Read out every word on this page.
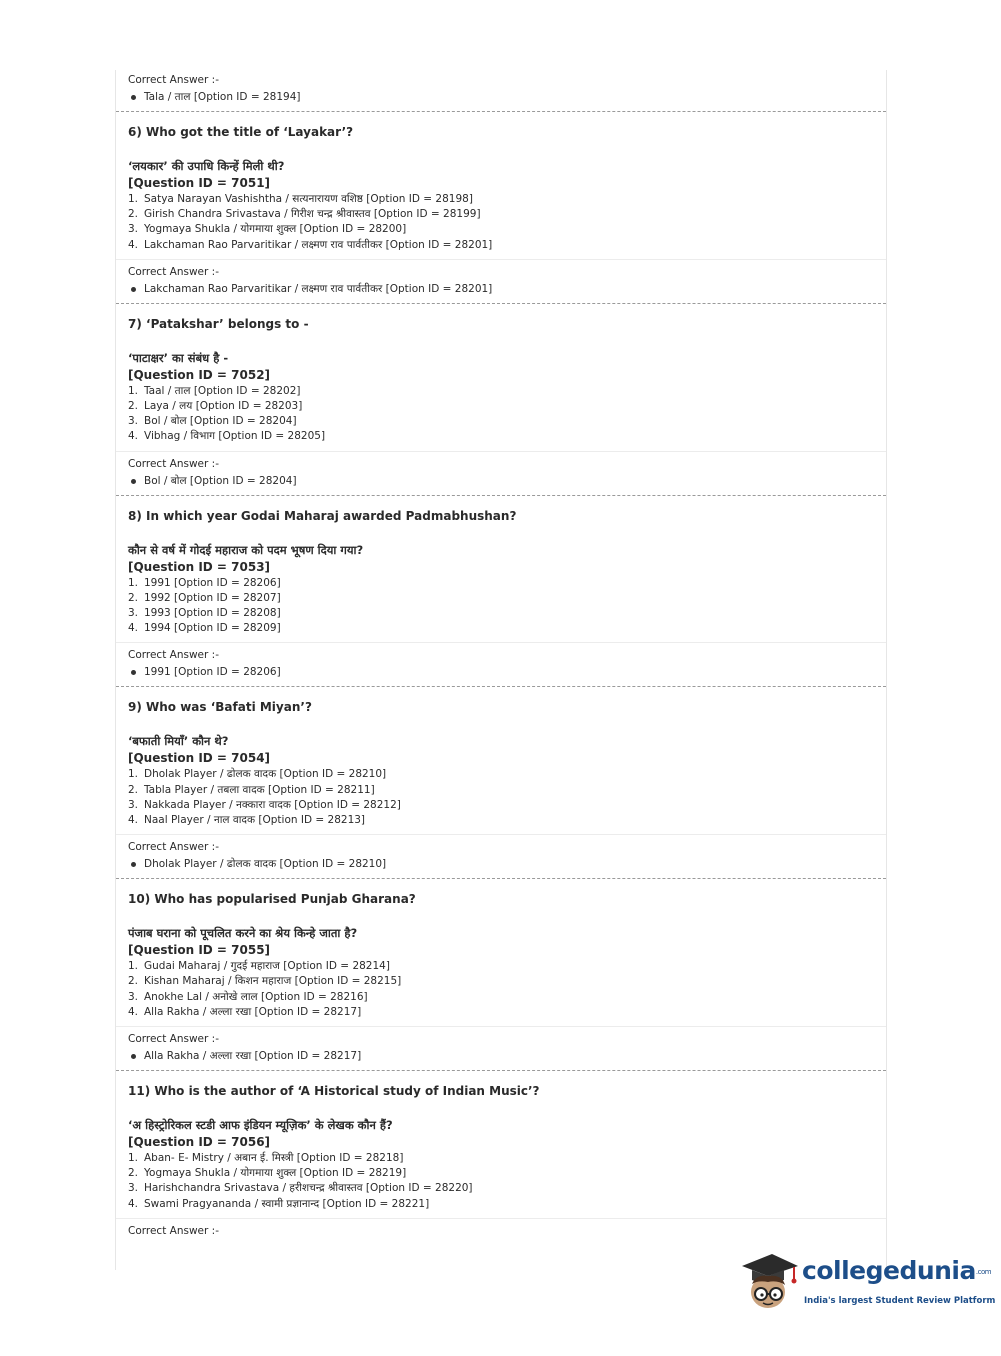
Correct Answer :-
Tala / ताल [Option ID = 28194]
6) Who got the title of ‘Layakar’?
‘लयकार’ की उपाधि किन्हें मिली थी?
[Question ID = 7051]
1. Satya Narayan Vashishtha / सत्यनारायण वशिष्ठ [Option ID = 28198]
2. Girish Chandra Srivastava / गिरीश चन्द्र श्रीवास्तव [Option ID = 28199]
3. Yogmaya Shukla / योगमाया शुक्ल [Option ID = 28200]
4. Lakchaman Rao Parvaritikar / लक्ष्मण राव पार्वतीकर [Option ID = 28201]
Correct Answer :-
Lakchaman Rao Parvaritikar / लक्ष्मण राव पार्वतीकर [Option ID = 28201]
7) ‘Patakshar’ belongs to -
‘पाटाक्षर’ का संबंध है -
[Question ID = 7052]
1. Taal / ताल [Option ID = 28202]
2. Laya / लय [Option ID = 28203]
3. Bol / बोल [Option ID = 28204]
4. Vibhag / विभाग [Option ID = 28205]
Correct Answer :-
Bol / बोल [Option ID = 28204]
8) In which year Godai Maharaj awarded Padmabhushan?
कौन से वर्ष में गोदई महाराज को पदम भूषण दिया गया?
[Question ID = 7053]
1. 1991 [Option ID = 28206]
2. 1992 [Option ID = 28207]
3. 1993 [Option ID = 28208]
4. 1994 [Option ID = 28209]
Correct Answer :-
1991 [Option ID = 28206]
9) Who was ‘Bafati Miyan’?
‘बफाती मियाँ’ कौन थे?
[Question ID = 7054]
1. Dholak Player / ढोलक वादक [Option ID = 28210]
2. Tabla Player / तबला वादक [Option ID = 28211]
3. Nakkada Player / नक्कारा वादक [Option ID = 28212]
4. Naal Player / नाल वादक [Option ID = 28213]
Correct Answer :-
Dholak Player / ढोलक वादक [Option ID = 28210]
10) Who has popularised Punjab Gharana?
पंजाब घराना को पूचलित करने का श्रेय किन्हे जाता है?
[Question ID = 7055]
1. Gudai Maharaj / गुदई महाराज [Option ID = 28214]
2. Kishan Maharaj / किशन महाराज [Option ID = 28215]
3. Anokhe Lal / अनोखे लाल [Option ID = 28216]
4. Alla Rakha / अल्ला रखा [Option ID = 28217]
Correct Answer :-
Alla Rakha / अल्ला रखा [Option ID = 28217]
11) Who is the author of ‘A Historical study of Indian Music’?
‘अ हिस्ट्रोरिकल स्टडी आफ इंडियन म्यूज़िक’ के लेखक कौन हैं?
[Question ID = 7056]
1. Aban- E- Mistry / अबान ई. मिस्त्री [Option ID = 28218]
2. Yogmaya Shukla / योगमाया शुक्ल [Option ID = 28219]
3. Harishchandra Srivastava / हरीशचन्द्र श्रीवास्तव [Option ID = 28220]
4. Swami Pragyananda / स्वामी प्रज्ञानान्द [Option ID = 28221]
Correct Answer :-
collegedunia.com
India's largest Student Review Platform
